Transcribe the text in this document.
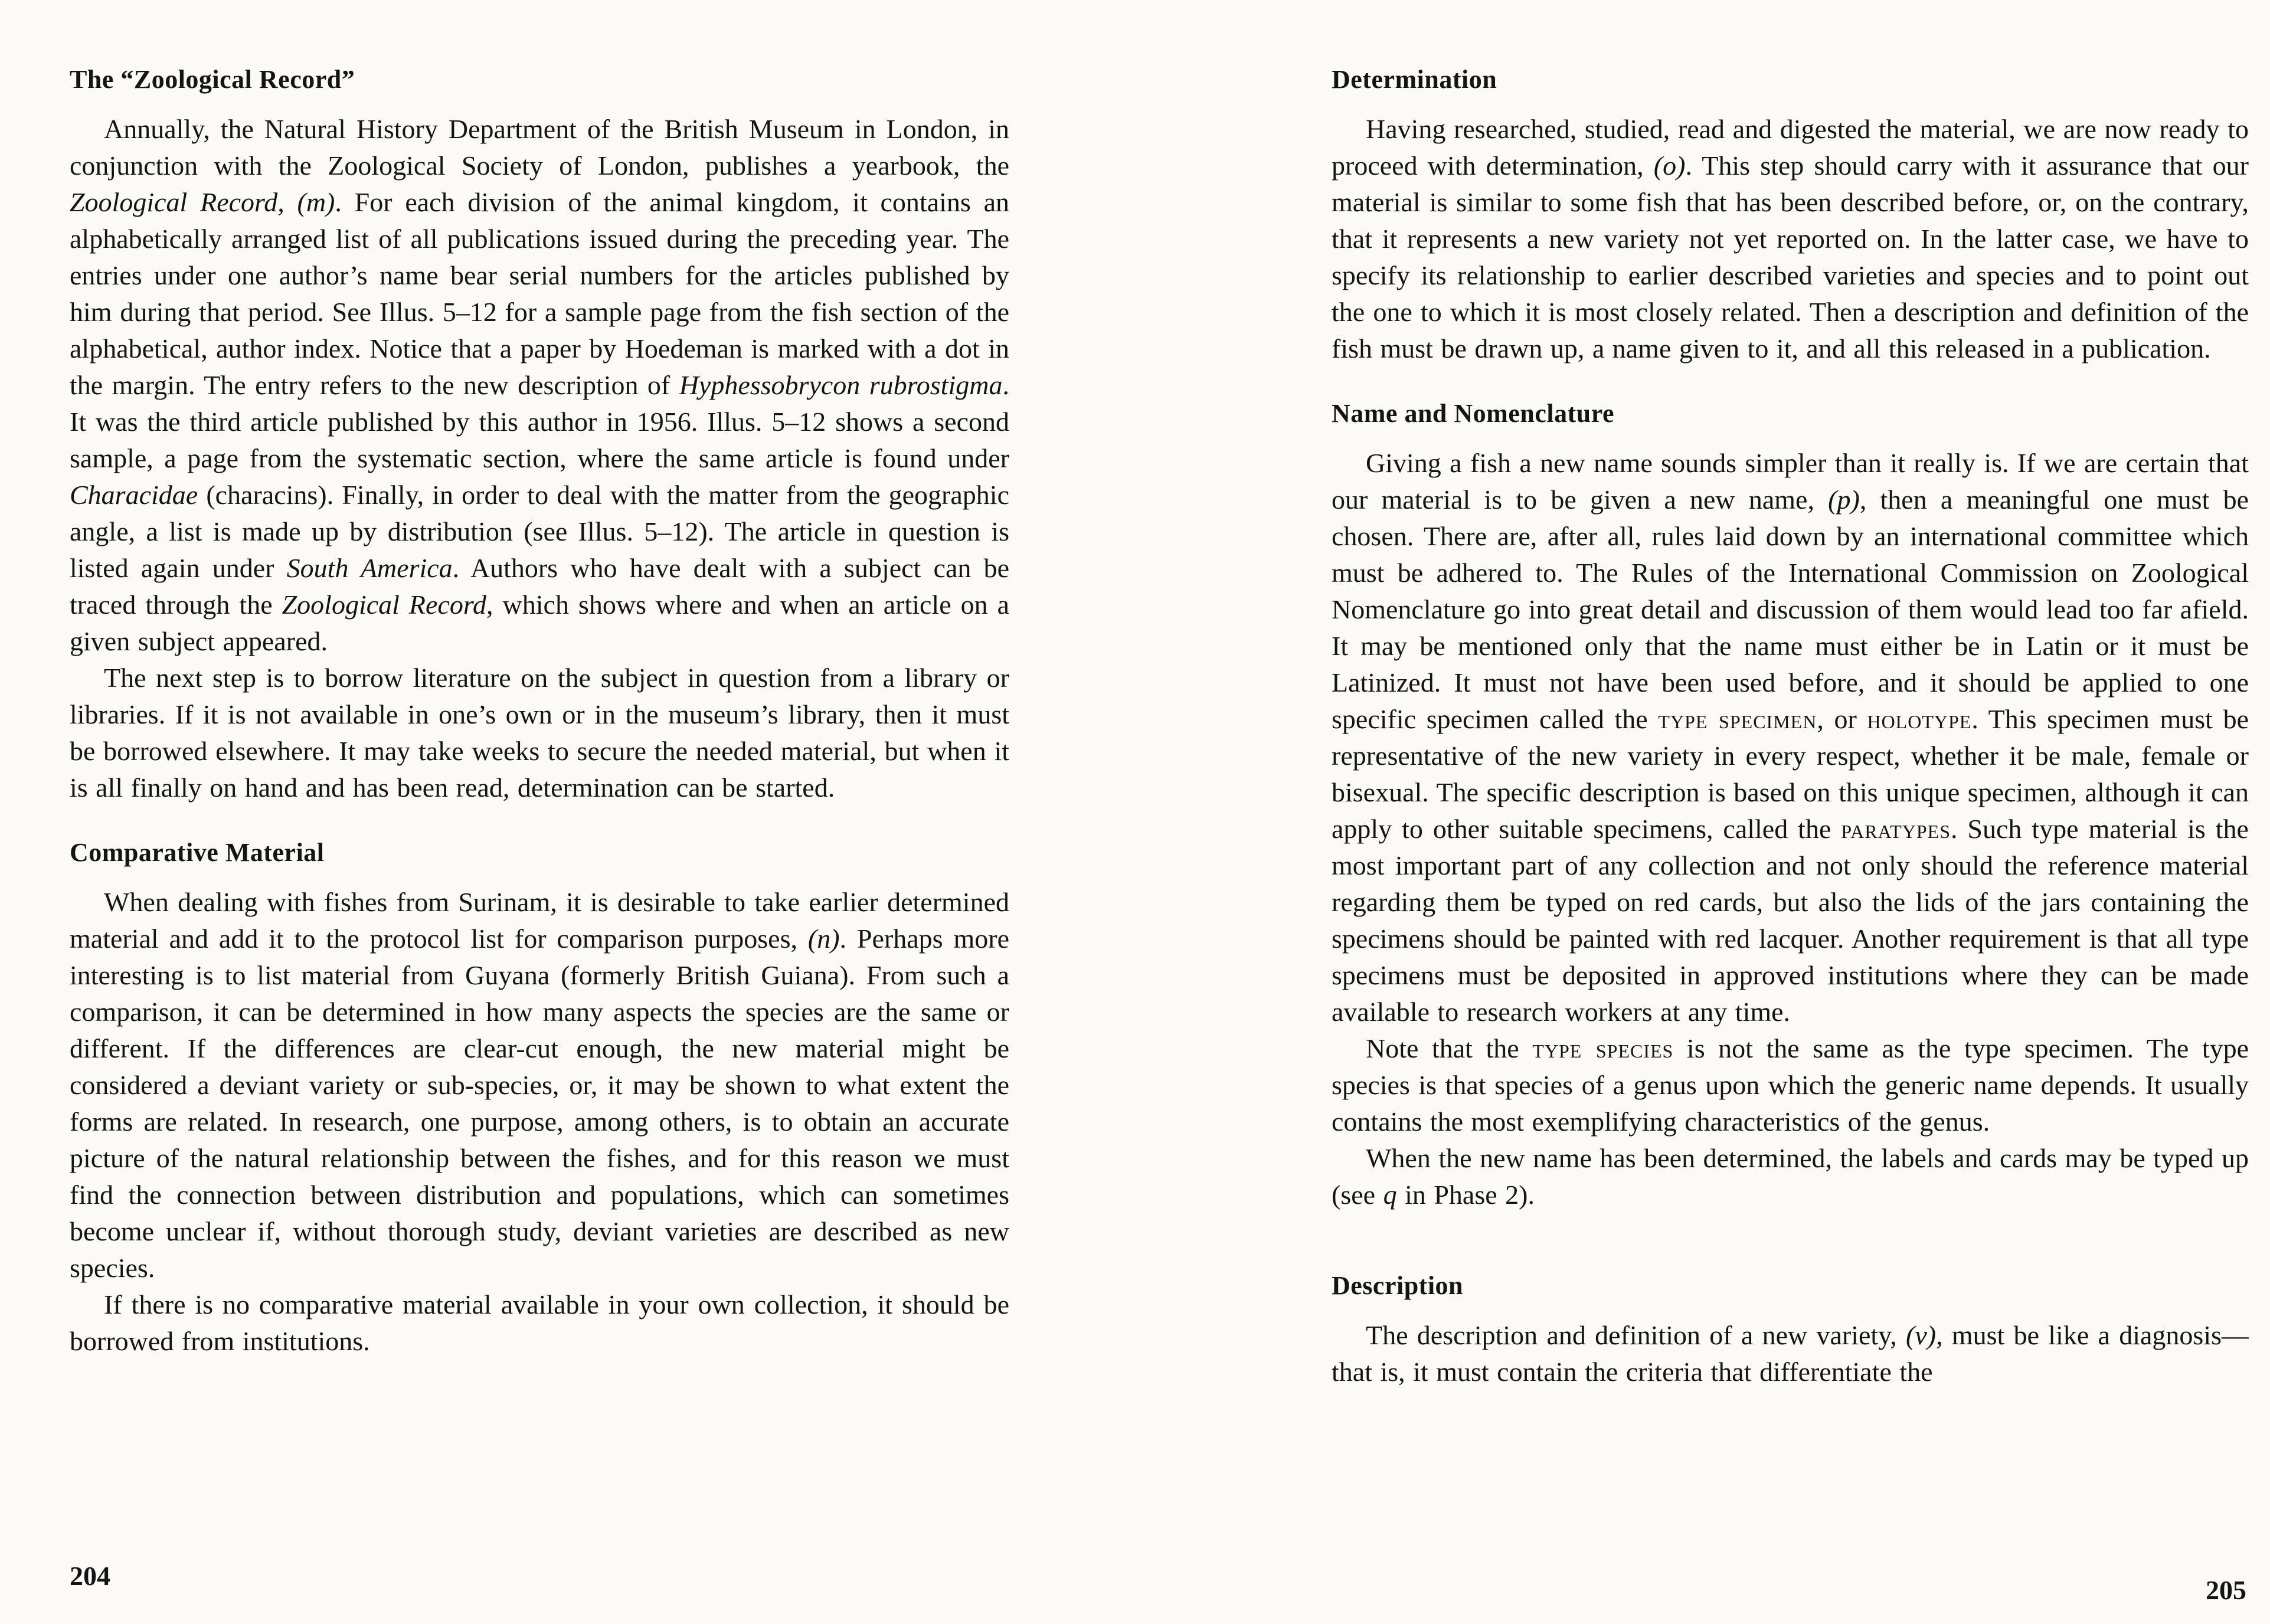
The “Zoological Record”

Annually, the Natural History Department of the British Museum in London, in conjunction with the Zoological Society of London, publishes a yearbook, the Zoological Record, (m). For each division of the animal kingdom, it contains an alphabetically arranged list of all publications issued during the preceding year. The entries under one author’s name bear serial numbers for the articles published by him during that period. See Illus. 5–12 for a sample page from the fish section of the alphabetical, author index. Notice that a paper by Hoedeman is marked with a dot in the margin. The entry refers to the new description of Hyphessobrycon rubrostigma. It was the third article published by this author in 1956. Illus. 5–12 shows a second sample, a page from the systematic section, where the same article is found under Characidae (characins). Finally, in order to deal with the matter from the geographic angle, a list is made up by distribution (see Illus. 5–12). The article in question is listed again under South America. Authors who have dealt with a subject can be traced through the Zoological Record, which shows where and when an article on a given subject appeared.

The next step is to borrow literature on the subject in question from a library or libraries. If it is not available in one’s own or in the museum’s library, then it must be borrowed elsewhere. It may take weeks to secure the needed material, but when it is all finally on hand and has been read, determination can be started.

Comparative Material

When dealing with fishes from Surinam, it is desirable to take earlier determined material and add it to the protocol list for comparison purposes, (n). Perhaps more interesting is to list material from Guyana (formerly British Guiana). From such a comparison, it can be determined in how many aspects the species are the same or different. If the differences are clear-cut enough, the new material might be considered a deviant variety or sub-species, or, it may be shown to what extent the forms are related. In research, one purpose, among others, is to obtain an accurate picture of the natural relationship between the fishes, and for this reason we must find the connection between distribution and populations, which can sometimes become unclear if, without thorough study, deviant varieties are described as new species.

If there is no comparative material available in your own collection, it should be borrowed from institutions.

204
Determination

Having researched, studied, read and digested the material, we are now ready to proceed with determination, (o). This step should carry with it assurance that our material is similar to some fish that has been described before, or, on the contrary, that it represents a new variety not yet reported on. In the latter case, we have to specify its relationship to earlier described varieties and species and to point out the one to which it is most closely related. Then a description and definition of the fish must be drawn up, a name given to it, and all this released in a publication.

Name and Nomenclature

Giving a fish a new name sounds simpler than it really is. If we are certain that our material is to be given a new name, (p), then a meaningful one must be chosen. There are, after all, rules laid down by an international committee which must be adhered to. The Rules of the International Commission on Zoological Nomenclature go into great detail and discussion of them would lead too far afield. It may be mentioned only that the name must either be in Latin or it must be Latinized. It must not have been used before, and it should be applied to one specific specimen called the type specimen, or holotype. This specimen must be representative of the new variety in every respect, whether it be male, female or bisexual. The specific description is based on this unique specimen, although it can apply to other suitable specimens, called the paratypes. Such type material is the most important part of any collection and not only should the reference material regarding them be typed on red cards, but also the lids of the jars containing the specimens should be painted with red lacquer. Another requirement is that all type specimens must be deposited in approved institutions where they can be made available to research workers at any time.

Note that the type species is not the same as the type specimen. The type species is that species of a genus upon which the generic name depends. It usually contains the most exemplifying characteristics of the genus.

When the new name has been determined, the labels and cards may be typed up (see q in Phase 2).

Description

The description and definition of a new variety, (v), must be like a diagnosis—that is, it must contain the criteria that differentiate the

205
